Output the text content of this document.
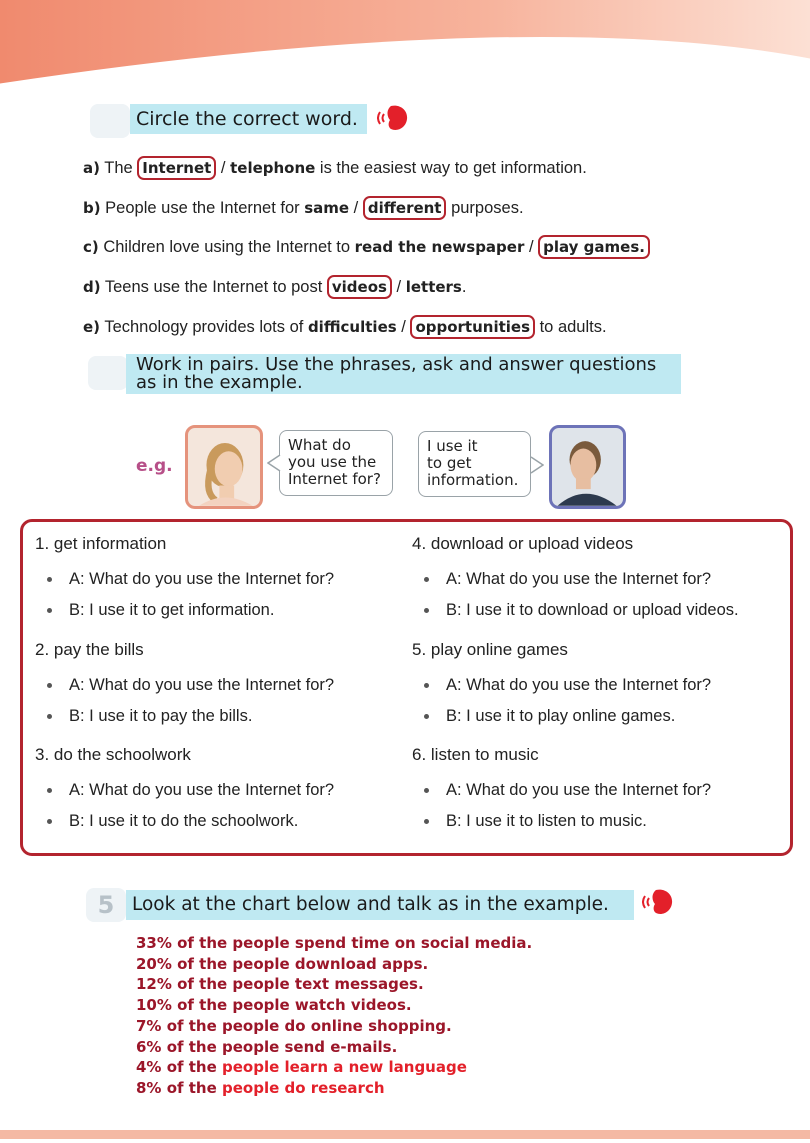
Circle the correct word.
a) The Internet / telephone is the easiest way to get information.
b) People use the Internet for same / different purposes.
c) Children love using the Internet to read the newspaper / play games.
d) Teens use the Internet to post videos / letters.
e) Technology provides lots of difficulties / opportunities to adults.
Work in pairs. Use the phrases, ask and answer questions
as in the example.
e.g.
What do
you use the
Internet for?
I use it
to get
information.
1. get information
A: What do you use the Internet for?
B: I use it to get information.
2. pay the bills
A: What do you use the Internet for?
B: I use it to pay the bills.
3. do the schoolwork
A: What do you use the Internet for?
B: I use it to do the schoolwork.
4. download or upload videos
A: What do you use the Internet for?
B: I use it to download or upload videos.
5. play online games
A: What do you use the Internet for?
B: I use it to play online games.
6. listen to music
A: What do you use the Internet for?
B: I use it to listen to music.
5 Look at the chart below and talk as in the example.
33% of the people spend time on social media.
20% of the people download apps.
12% of the people text messages.
10% of the people watch videos.
7% of the people do online shopping.
6% of the people send e-mails.
4% of the people learn a new language
8% of the people do research
